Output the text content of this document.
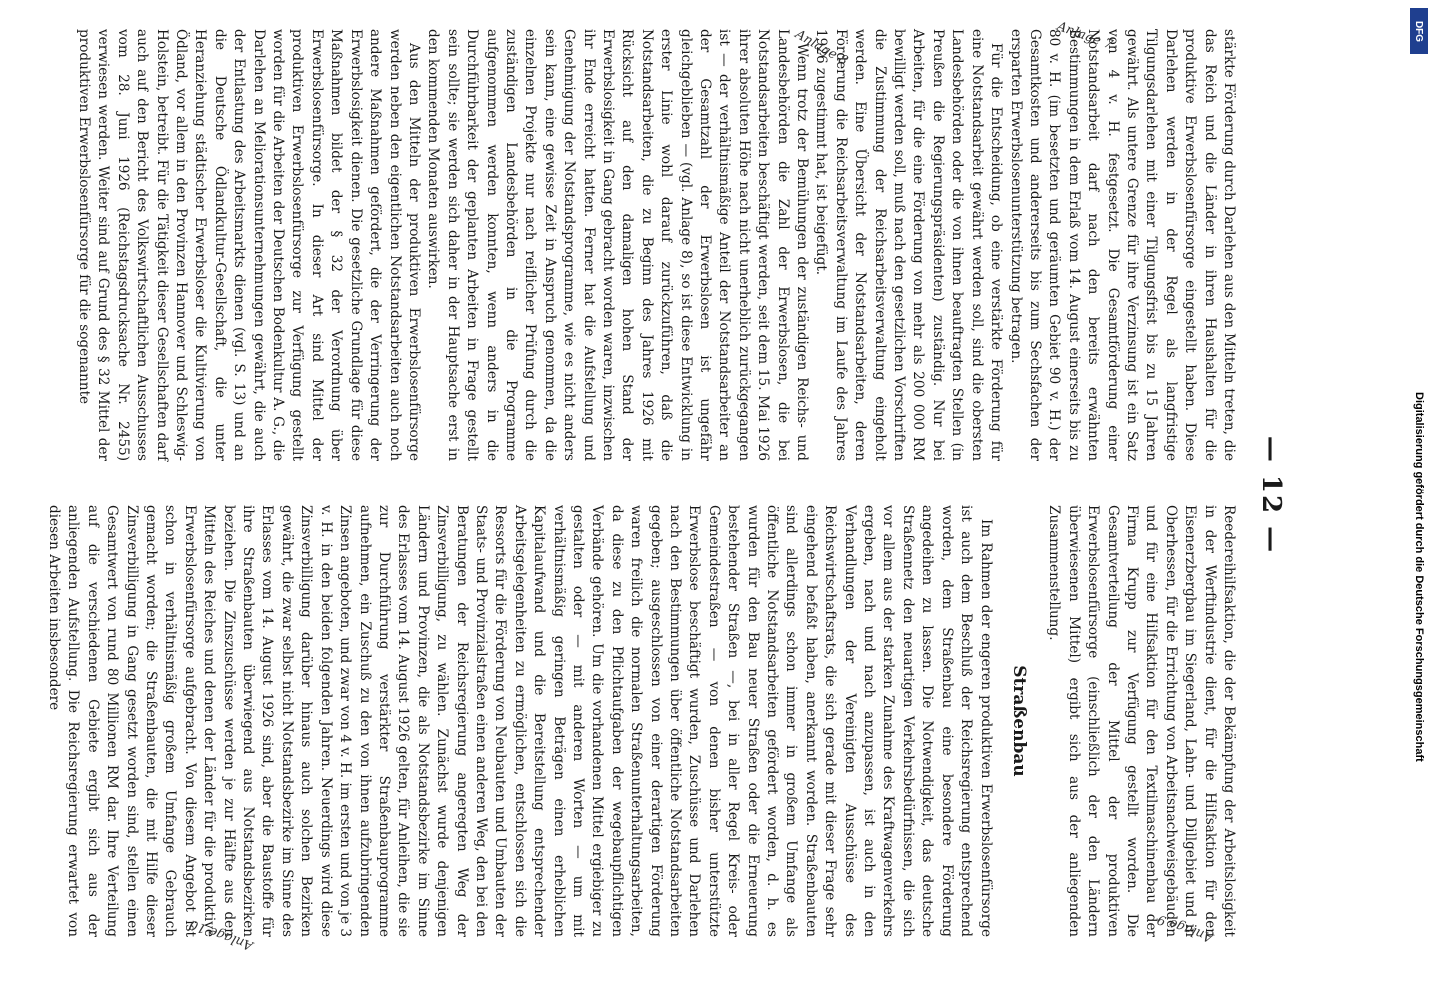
— 12 —

stärkte Förderung durch Darlehen aus den Mitteln treten, die das Reich und die Länder in ihren Haushalten für die produktive Erwerbslosenfürsorge eingestellt haben. Diese Darlehen werden in der Regel als langfristige Tilgungsdarlehen mit einer Tilgungsfrist bis zu 15 Jahren gewährt. Als untere Grenze für ihre Verzinsung ist ein Satz von 4 v. H. festgesetzt. Die Gesamtförderung einer Notstandsarbeit darf nach den bereits erwähnten Bestimmungen in dem Erlaß vom 14. August einerseits bis zu 80 v. H. (im besetzten und geräumten Gebiet 90 v. H.) der Gesamtkosten und andererseits bis zum Sechsfachen der ersparten Erwerbslosenunterstützung betragen.

Für die Entscheidung, ob eine verstärkte Förderung für eine Notstandsarbeit gewährt werden soll, sind die obersten Landesbehörden oder die von ihnen beauftragten Stellen (in Preußen die Regierungspräsidenten) zuständig. Nur bei Arbeiten, für die eine Förderung von mehr als 200 000 RM bewilligt werden soll, muß nach den gesetzlichen Vorschriften die Zustimmung der Reichsarbeitsverwaltung eingeholt werden. Eine Übersicht der Notstandsarbeiten, deren Förderung die Reichsarbeitsverwaltung im Laufe des Jahres 1926 zugestimmt hat, ist beigefügt.

Wenn trotz der Bemühungen der zuständigen Reichs- und Landesbehörden die Zahl der Erwerbslosen, die bei Notstandsarbeiten beschäftigt werden, seit dem 15. Mai 1926 ihrer absoluten Höhe nach nicht unerheblich zurückgegangen ist — der verhältnismäßige Anteil der Notstandsarbeiter an der Gesamtzahl der Erwerbslosen ist ungefähr gleichgeblieben — (vgl. Anlage 8), so ist diese Entwicklung in erster Linie wohl darauf zurückzuführen, daß die Notstandsarbeiten, die zu Beginn des Jahres 1926 mit Rücksicht auf den damaligen hohen Stand der Erwerbslosigkeit in Gang gebracht worden waren, inzwischen ihr Ende erreicht hatten. Ferner hat die Aufstellung und Genehmigung der Notstandsprogramme, wie es nicht anders sein kann, eine gewisse Zeit in Anspruch genommen, da die einzelnen Projekte nur nach reiflicher Prüfung durch die zuständigen Landesbehörden in die Programme aufgenommen werden konnten, wenn anders in die Durchführbarkeit der geplanten Arbeiten in Frage gestellt sein sollte; sie werden sich daher in der Hauptsache erst in den kommenden Monaten auswirken.

Aus den Mitteln der produktiven Erwerbslosenfürsorge werden neben den eigentlichen Notstandsarbeiten auch noch andere Maßnahmen gefördert, die der Verringerung der Erwerbslosigkeit dienen. Die gesetzliche Grundlage für diese Maßnahmen bildet der § 32 der Verordnung über Erwerbslosenfürsorge. In dieser Art sind Mittel der produktiven Erwerbslosenfürsorge zur Verfügung gestellt worden für die Arbeiten der Deutschen Bodenkultur A. G., die Darlehen an Meliorationsunternehmungen gewährt, die auch der Entlastung des Arbeitsmarkts dienen (vgl. S. 13) und an die Deutsche Ödlandkultur-Gesellschaft, die unter Heranziehung städtischer Erwerbsloser die Kultivierung von Ödland, vor allem in den Provinzen Hannover und Schleswig-Holstein, betreibt. Für die Tätigkeit dieser Gesellschaften darf auch auf den Bericht des Volkswirtschaftlichen Ausschusses vom 28. Juni 1926 (Reichstagsdrucksache Nr. 2455) verwiesen werden. Weiter sind auf Grund des § 32 Mittel der produktiven Erwerbslosenfürsorge für die sogenannte

Reedereihilfsaktion, die der Bekämpfung der Arbeitslosigkeit in der Werftindustrie dient, für die Hilfsaktion für den Eisenerzbergbau im Siegerland, Lahn- und Dillgebiet und in Oberhessen, für die Errichtung von Arbeitsnachweisgebäuden und für eine Hilfsaktion für den Textilmaschinenbau der Firma Krupp zur Verfügung gestellt worden. Die Gesamtverteilung der Mittel der produktiven Erwerbslosenfürsorge (einschließlich der den Ländern überwiesenen Mittel) ergibt sich aus der anliegenden Zusammenstellung.

Straßenbau

Im Rahmen der engeren produktiven Erwerbslosenfürsorge ist auch dem Beschluß der Reichsregierung entsprechend worden, dem Straßenbau eine besondere Förderung angedeihen zu lassen. Die Notwendigkeit, das deutsche Straßennetz den neuartigen Verkehrsbedürfnissen, die sich vor allem aus der starken Zunahme des Kraftwagenverkehrs ergeben, nach und nach anzupassen, ist auch in den Verhandlungen der Vereinigten Ausschüsse des Reichswirtschaftsrats, die sich gerade mit dieser Frage sehr eingehend befaßt haben, anerkannt worden. Straßenbauten sind allerdings schon immer in großem Umfange als öffentliche Notstandsarbeiten gefördert worden, d. h. es wurden für den Bau neuer Straßen oder die Erneuerung bestehender Straßen —, bei in aller Regel Kreis- oder Gemeindestraßen — von denen bisher unterstützte Erwerbslose beschäftigt wurden, Zuschüsse und Darlehen nach den Bestimmungen über öffentliche Notstandsarbeiten gegeben; ausgeschlossen von einer derartigen Förderung waren freilich die normalen Straßenunterhaltungsarbeiten, da diese zu den Pflichtaufgaben der wegebaupflichtigen Verbände gehören. Um die vorhandenen Mittel ergiebiger zu gestalten oder — mit anderen Worten — um mit verhältnismäßig geringen Beträgen einen erheblichen Kapitalaufwand und die Bereitstellung entsprechender Arbeitsgelegenheiten zu ermöglichen, entschlossen sich die Ressorts für die Förderung von Neubauten und Umbauten der Staats- und Provinzialstraßen einen anderen Weg, den bei den Beratungen der Reichsregierung angeregten Weg der Zinsverbilligung, zu wählen. Zunächst wurde denjenigen Ländern und Provinzen, die als Notstandsbezirke im Sinne des Erlasses vom 14. August 1926 gelten, für Anleihen, die sie zur Durchführung verstärkter Straßenbauprogramme aufnehmen, ein Zuschuß zu den von ihnen aufzubringenden Zinsen angeboten, und zwar von 4 v. H. im ersten und von je 3 v. H. in den beiden folgenden Jahren. Neuerdings wird diese Zinsverbilligung darüber hinaus auch solchen Bezirken gewährt, die zwar selbst nicht Notstandsbezirke im Sinne des Erlasses vom 14. August 1926 sind, aber die Baustoffe für ihre Straßenbauten überwiegend aus Notstandsbezirken beziehen. Die Zinszuschüsse werden je zur Hälfte aus den Mitteln des Reiches und denen der Länder für die produktive Erwerbslosenfürsorge aufgebracht. Von diesem Angebot ist schon in verhältnismäßig großem Umfange Gebrauch gemacht worden; die Straßenbauten, die mit Hilfe dieser Zinsverbilligung in Gang gesetzt worden sind, stellen einen Gesamtwert von rund 80 Millionen RM dar. Ihre Verteilung auf die verschiedenen Gebiete ergibt sich aus der anliegenden Aufstellung. Die Reichsregierung erwartet von diesen Arbeiten insbesondere

Anlage 7
Anlage 8
Anlage 9
Anlage 10
DFG
Digitalisierung gefördert durch die Deutsche Forschungsgemeinschaft
